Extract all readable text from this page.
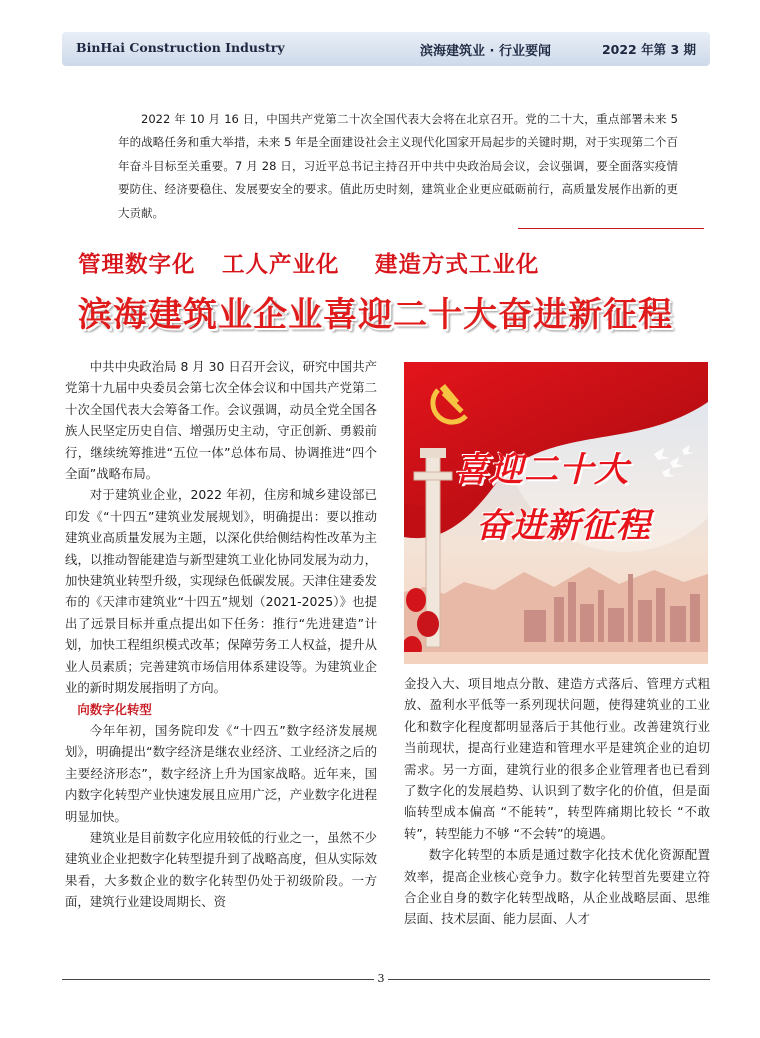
BinHai Construction Industry	滨海建筑业 · 行业要闻	2022 年第 3 期

2022 年 10 月 16 日，中国共产党第二十次全国代表大会将在北京召开。党的二十大，重点部署未来 5 年的战略任务和重大举措，未来 5 年是全面建设社会主义现代化国家开局起步的关键时期，对于实现第二个百年奋斗目标至关重要。7 月 28 日，习近平总书记主持召开中共中央政治局会议，会议强调，要全面落实疫情要防住、经济要稳住、发展要安全的要求。值此历史时刻，建筑业企业更应砥砺前行，高质量发展作出新的更大贡献。

管理数字化   工人产业化    建造方式工业化

滨海建筑业企业喜迎二十大奋进新征程

中共中央政治局 8 月 30 日召开会议，研究中国共产党第十九届中央委员会第七次全体会议和中国共产党第二十次全国代表大会筹备工作。会议强调，动员全党全国各族人民坚定历史自信、增强历史主动，守正创新、勇毅前行，继续统筹推进“五位一体”总体布局、协调推进“四个全面”战略布局。

对于建筑业企业，2022 年初，住房和城乡建设部已印发《“十四五”建筑业发展规划》，明确提出：要以推动建筑业高质量发展为主题，以深化供给侧结构性改革为主线，以推动智能建造与新型建筑工业化协同发展为动力，加快建筑业转型升级，实现绿色低碳发展。天津住建委发布的《天津市建筑业“十四五”规划（2021-2025）》也提出了远景目标并重点提出如下任务：推行“先进建造”计划，加快工程组织模式改革；保障劳务工人权益，提升从业人员素质；完善建筑市场信用体系建设等。为建筑业企业的新时期发展指明了方向。

向数字化转型

今年年初，国务院印发《“十四五”数字经济发展规划》，明确提出“数字经济是继农业经济、工业经济之后的主要经济形态”，数字经济上升为国家战略。近年来，国内数字化转型产业快速发展且应用广泛，产业数字化进程明显加快。

建筑业是目前数字化应用较低的行业之一，虽然不少建筑业企业把数字化转型提升到了战略高度，但从实际效果看，大多数企业的数字化转型仍处于初级阶段。一方面，建筑行业建设周期长、资

喜迎二十大
奋进新征程

金投入大、项目地点分散、建造方式落后、管理方式粗放、盈利水平低等一系列现状问题，使得建筑业的工业化和数字化程度都明显落后于其他行业。改善建筑行业当前现状，提高行业建造和管理水平是建筑企业的迫切需求。另一方面，建筑行业的很多企业管理者也已看到了数字化的发展趋势、认识到了数字化的价值，但是面临转型成本偏高 “不能转”，转型阵痛期比较长 “不敢转”，转型能力不够 “不会转”的境遇。

数字化转型的本质是通过数字化技术优化资源配置效率，提高企业核心竞争力。数字化转型首先要建立符合企业自身的数字化转型战略，从企业战略层面、思维层面、技术层面、能力层面、人才

3
